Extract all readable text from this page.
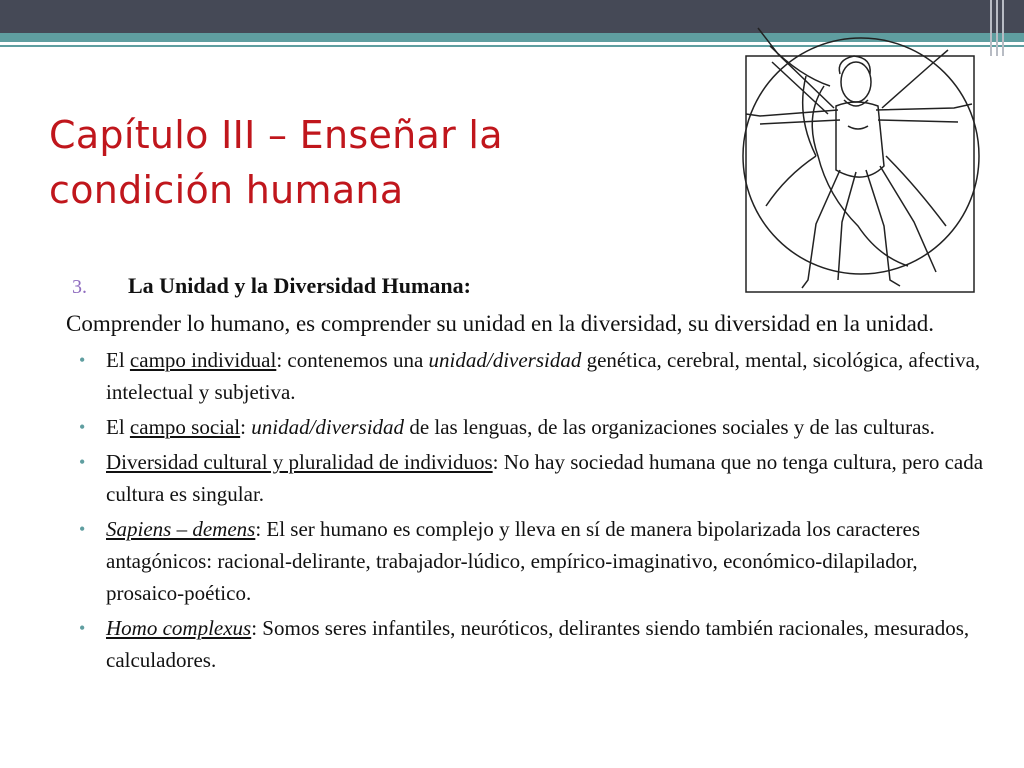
Capítulo III – Enseñar la
condición humana
3.	La Unidad y la Diversidad Humana:

Comprender lo humano, es comprender su unidad en la diversidad, su diversidad en la unidad.

• El campo individual: contenemos una unidad/diversidad genética, cerebral, mental, sicológica, afectiva, intelectual y subjetiva.
• El campo social: unidad/diversidad de las lenguas, de las organizaciones sociales y de las culturas.
• Diversidad cultural y pluralidad de individuos: No hay sociedad humana que no tenga cultura, pero cada cultura es singular.
• Sapiens – demens: El ser humano es complejo y lleva en sí de manera bipolarizada los caracteres antagónicos: racional-delirante, trabajador-lúdico, empírico-imaginativo, económico-dilapilador, prosaico-poético.
• Homo complexus: Somos seres infantiles, neuróticos, delirantes siendo también racionales, mesurados, calculadores.
